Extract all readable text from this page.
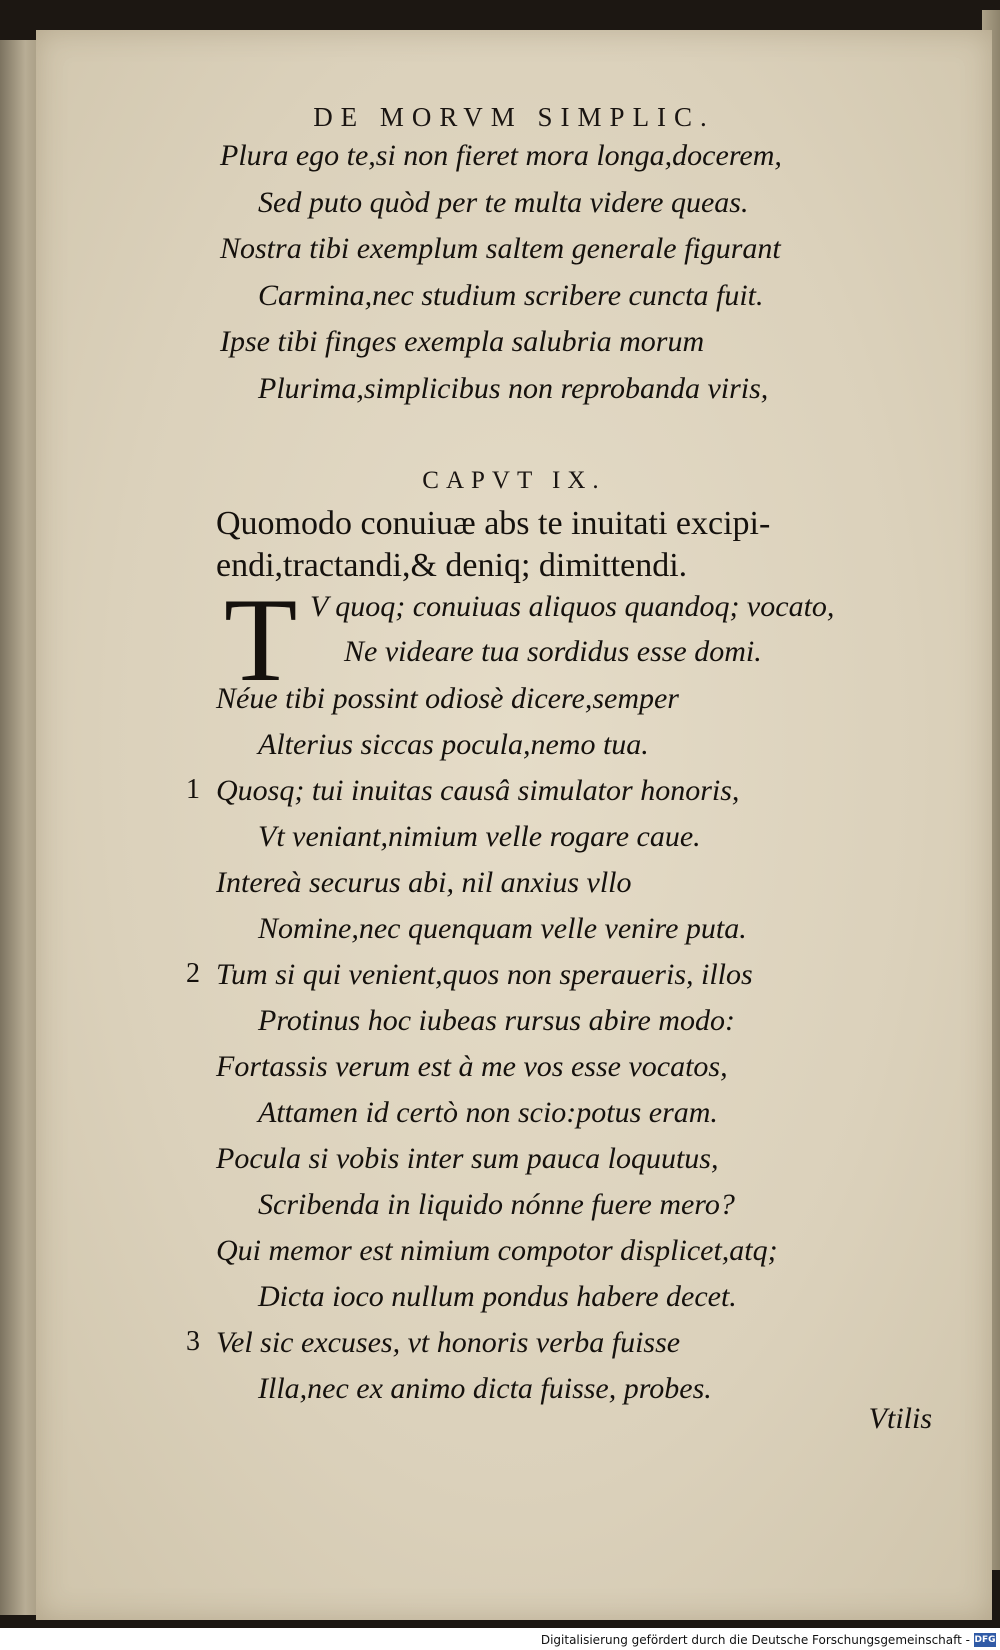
DE MORVM SIMPLIC.
Plura ego te,si non fieret mora longa,docerem,
Sed puto quòd per te multa videre queas.
Nostra tibi exemplum saltem generale figurant
Carmina,nec studium scribere cuncta fuit.
Ipse tibi finges exempla salubria morum
Plurima,simplicibus non reprobanda viris,
CAPVT IX.
Quomodo conuiuæ abs te inuitati excipi-
endi,tractandi,& deniq; dimittendi.
T V quoq; conuiuas aliquos quandoq; vocato,
Ne videare tua sordidus esse domi.
Néue tibi possint odiosè dicere,semper
Alterius siccas pocula,nemo tua.
Quosq; tui inuitas causâ simulator honoris,
Vt veniant,nimium velle rogare caue.
Intereà securus abi, nil anxius vllo
Nomine,nec quenquam velle venire puta.
Tum si qui venient,quos non speraueris, illos
Protinus hoc iubeas rursus abire modo:
Fortassis verum est à me vos esse vocatos,
Attamen id certò non scio:potus eram.
Pocula si vobis inter sum pauca loquutus,
Scribenda in liquido nónne fuere mero?
Qui memor est nimium compotor displicet,atq;
Dicta ioco nullum pondus habere decet.
Vel sic excuses, vt honoris verba fuisse
Illa,nec ex animo dicta fuisse, probes.
1
2
3
Vtilis
Digitalisierung gefördert durch die Deutsche Forschungsgemeinschaft - DFG
